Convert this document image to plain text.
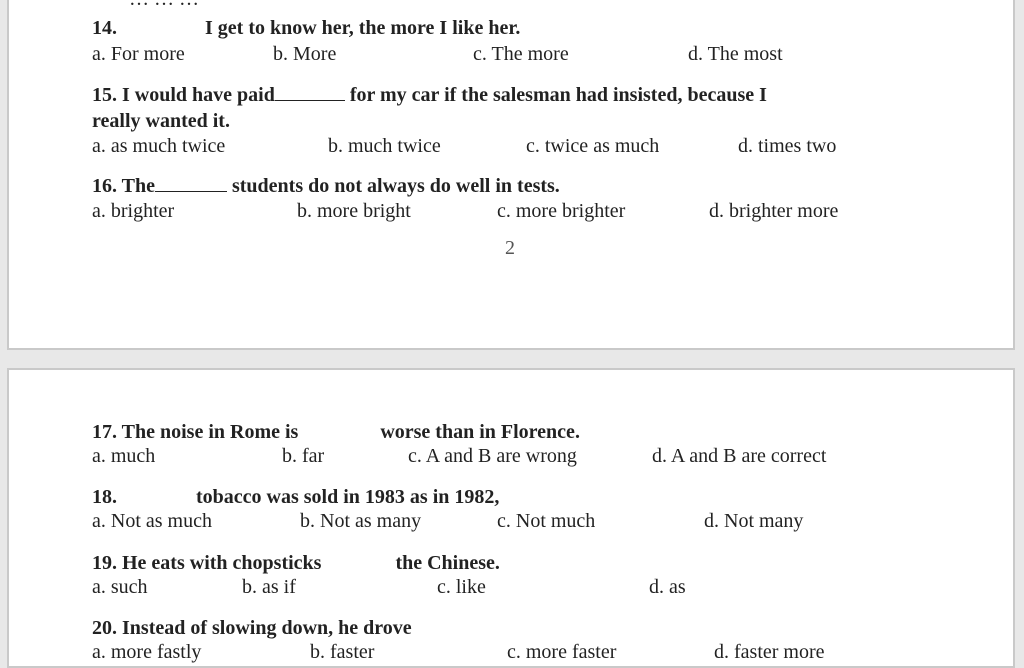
14.	I get to know her, the more I like her.
a. For more	b. More	c. The more	d. The most
15. I would have paid	for my car if the salesman had insisted, because I
really wanted it.
a. as much twice	b. much twice	c. twice as much	d. times two
16. The	students do not always do well in tests.
a. brighter	b. more bright	c. more brighter	d. brighter more
2
17. The noise in Rome is	worse than in Florence.
a. much	b. far	c. A and B are wrong	d. A and B are correct
18.	tobacco was sold in 1983 as in 1982,
a. Not as much	b. Not as many	c. Not much	d. Not many
19. He eats with chopsticks	the Chinese.
a. such	b. as if	c. like	d. as
20. Instead of slowing down, he drove
a. more fastly	b. faster	c. more faster	d. faster more
